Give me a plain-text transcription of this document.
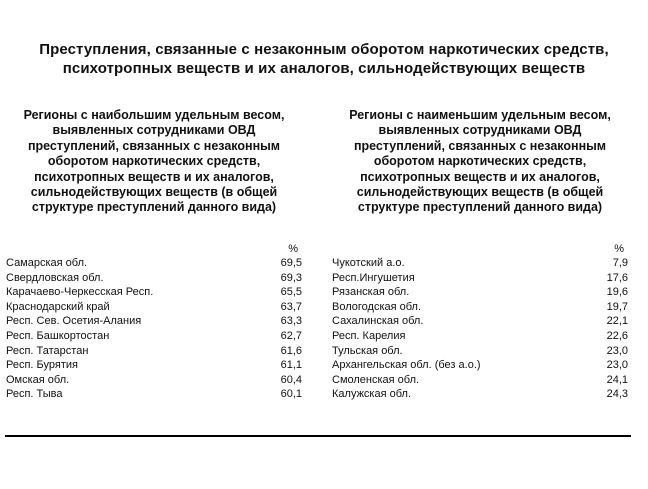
Преступления, связанные с незаконным оборотом наркотических средств,
психотропных веществ и их аналогов, сильнодействующих веществ
Регионы с наибольшим удельным весом,
выявленных сотрудниками ОВД
преступлений, связанных с незаконным
оборотом наркотических средств,
психотропных веществ и их аналогов,
сильнодействующих веществ (в общей
структуре преступлений данного вида)
%
Самарская обл.	69,5
Свердловская обл.	69,3
Карачаево-Черкесская Респ.	65,5
Краснодарский край	63,7
Респ. Сев. Осетия-Алания	63,3
Респ. Башкортостан	62,7
Респ. Татарстан	61,6
Респ. Бурятия	61,1
Омская обл.	60,4
Респ. Тыва	60,1
Регионы с наименьшим удельным весом,
выявленных сотрудниками ОВД
преступлений, связанных с незаконным
оборотом наркотических средств,
психотропных веществ и их аналогов,
сильнодействующих веществ (в общей
структуре преступлений данного вида)
%
Чукотский а.о.	7,9
Респ.Ингушетия	17,6
Рязанская обл.	19,6
Вологодская обл.	19,7
Сахалинская обл.	22,1
Респ. Карелия	22,6
Тульская обл.	23,0
Архангельская обл. (без а.о.)	23,0
Смоленская обл.	24,1
Калужская обл.	24,3
